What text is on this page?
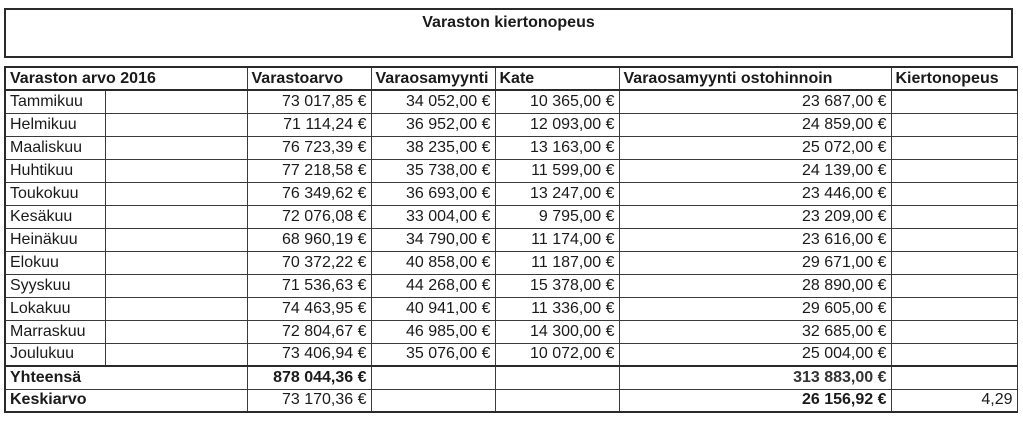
Varaston kiertonopeus
Varaston arvo 2016		Varastoarvo	Varaosamyynti	Kate	Varaosamyynti ostohinnoin	Kiertonopeus
Tammikuu		73 017,85 €	34 052,00 €	10 365,00 €	23 687,00 €	
Helmikuu		71 114,24 €	36 952,00 €	12 093,00 €	24 859,00 €	
Maaliskuu		76 723,39 €	38 235,00 €	13 163,00 €	25 072,00 €	
Huhtikuu		77 218,58 €	35 738,00 €	11 599,00 €	24 139,00 €	
Toukokuu		76 349,62 €	36 693,00 €	13 247,00 €	23 446,00 €	
Kesäkuu		72 076,08 €	33 004,00 €	9 795,00 €	23 209,00 €	
Heinäkuu		68 960,19 €	34 790,00 €	11 174,00 €	23 616,00 €	
Elokuu		70 372,22 €	40 858,00 €	11 187,00 €	29 671,00 €	
Syyskuu		71 536,63 €	44 268,00 €	15 378,00 €	28 890,00 €	
Lokakuu		74 463,95 €	40 941,00 €	11 336,00 €	29 605,00 €	
Marraskuu		72 804,67 €	46 985,00 €	14 300,00 €	32 685,00 €	
Joulukuu		73 406,94 €	35 076,00 €	10 072,00 €	25 004,00 €	
Yhteensä		878 044,36 €			313 883,00 €	
Keskiarvo		73 170,36 €			26 156,92 €	4,29
